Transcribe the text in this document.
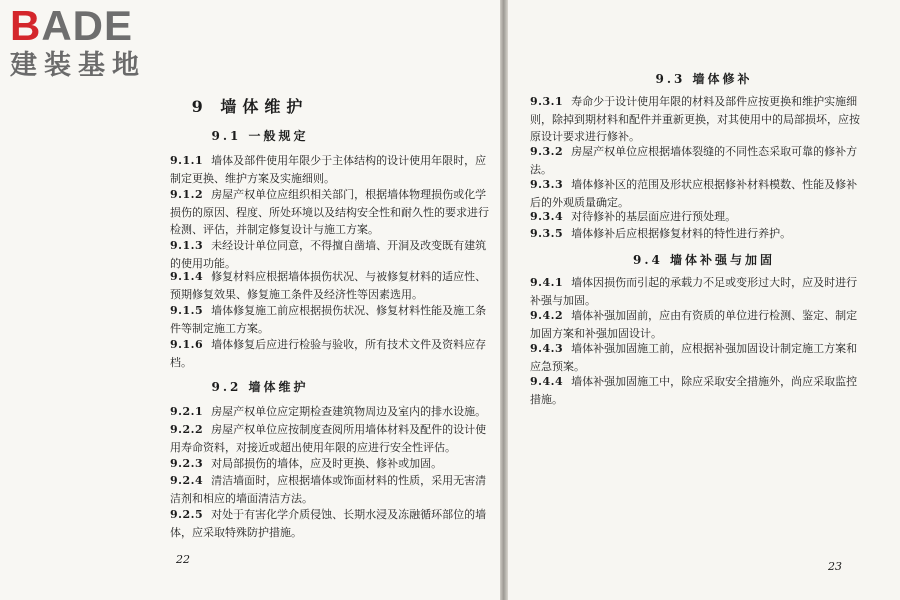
BADE
建装基地
9 墙体维护
9.1 一般规定

9.1.1 墙体及部件使用年限少于主体结构的设计使用年限时，应制定更换、维护方案及实施细则。

9.1.2 房屋产权单位应组织相关部门，根据墙体物理损伤或化学损伤的原因、程度、所处环境以及结构安全性和耐久性的要求进行检测、评估，并制定修复设计与施工方案。

9.1.3 未经设计单位同意，不得擅自凿墙、开洞及改变既有建筑的使用功能。

9.1.4 修复材料应根据墙体损伤状况、与被修复材料的适应性、预期修复效果、修复施工条件及经济性等因素选用。

9.1.5 墙体修复施工前应根据损伤状况、修复材料性能及施工条件等制定施工方案。

9.1.6 墙体修复后应进行检验与验收，所有技术文件及资料应存档。

9.2 墙体维护

9.2.1 房屋产权单位应定期检查建筑物周边及室内的排水设施。

9.2.2 房屋产权单位应按制度查阅所用墙体材料及配件的设计使用寿命资料，对接近或超出使用年限的应进行安全性评估。

9.2.3 对局部损伤的墙体，应及时更换、修补或加固。

9.2.4 清洁墙面时，应根据墙体或饰面材料的性质，采用无害清洁剂和相应的墙面清洁方法。

9.2.5 对处于有害化学介质侵蚀、长期水浸及冻融循环部位的墙体，应采取特殊防护措施。

22
9.3 墙体修补

9.3.1 寿命少于设计使用年限的材料及部件应按更换和维护实施细则，除掉到期材料和配件并重新更换，对其使用中的局部损坏，应按原设计要求进行修补。

9.3.2 房屋产权单位应根据墙体裂缝的不同性态采取可靠的修补方法。

9.3.3 墙体修补区的范围及形状应根据修补材料模数、性能及修补后的外观质量确定。

9.3.4 对待修补的基层面应进行预处理。

9.3.5 墙体修补后应根据修复材料的特性进行养护。

9.4 墙体补强与加固

9.4.1 墙体因损伤而引起的承载力不足或变形过大时，应及时进行补强与加固。

9.4.2 墙体补强加固前，应由有资质的单位进行检测、鉴定、制定加固方案和补强加固设计。

9.4.3 墙体补强加固施工前，应根据补强加固设计制定施工方案和应急预案。

9.4.4 墙体补强加固施工中，除应采取安全措施外，尚应采取监控措施。

23
